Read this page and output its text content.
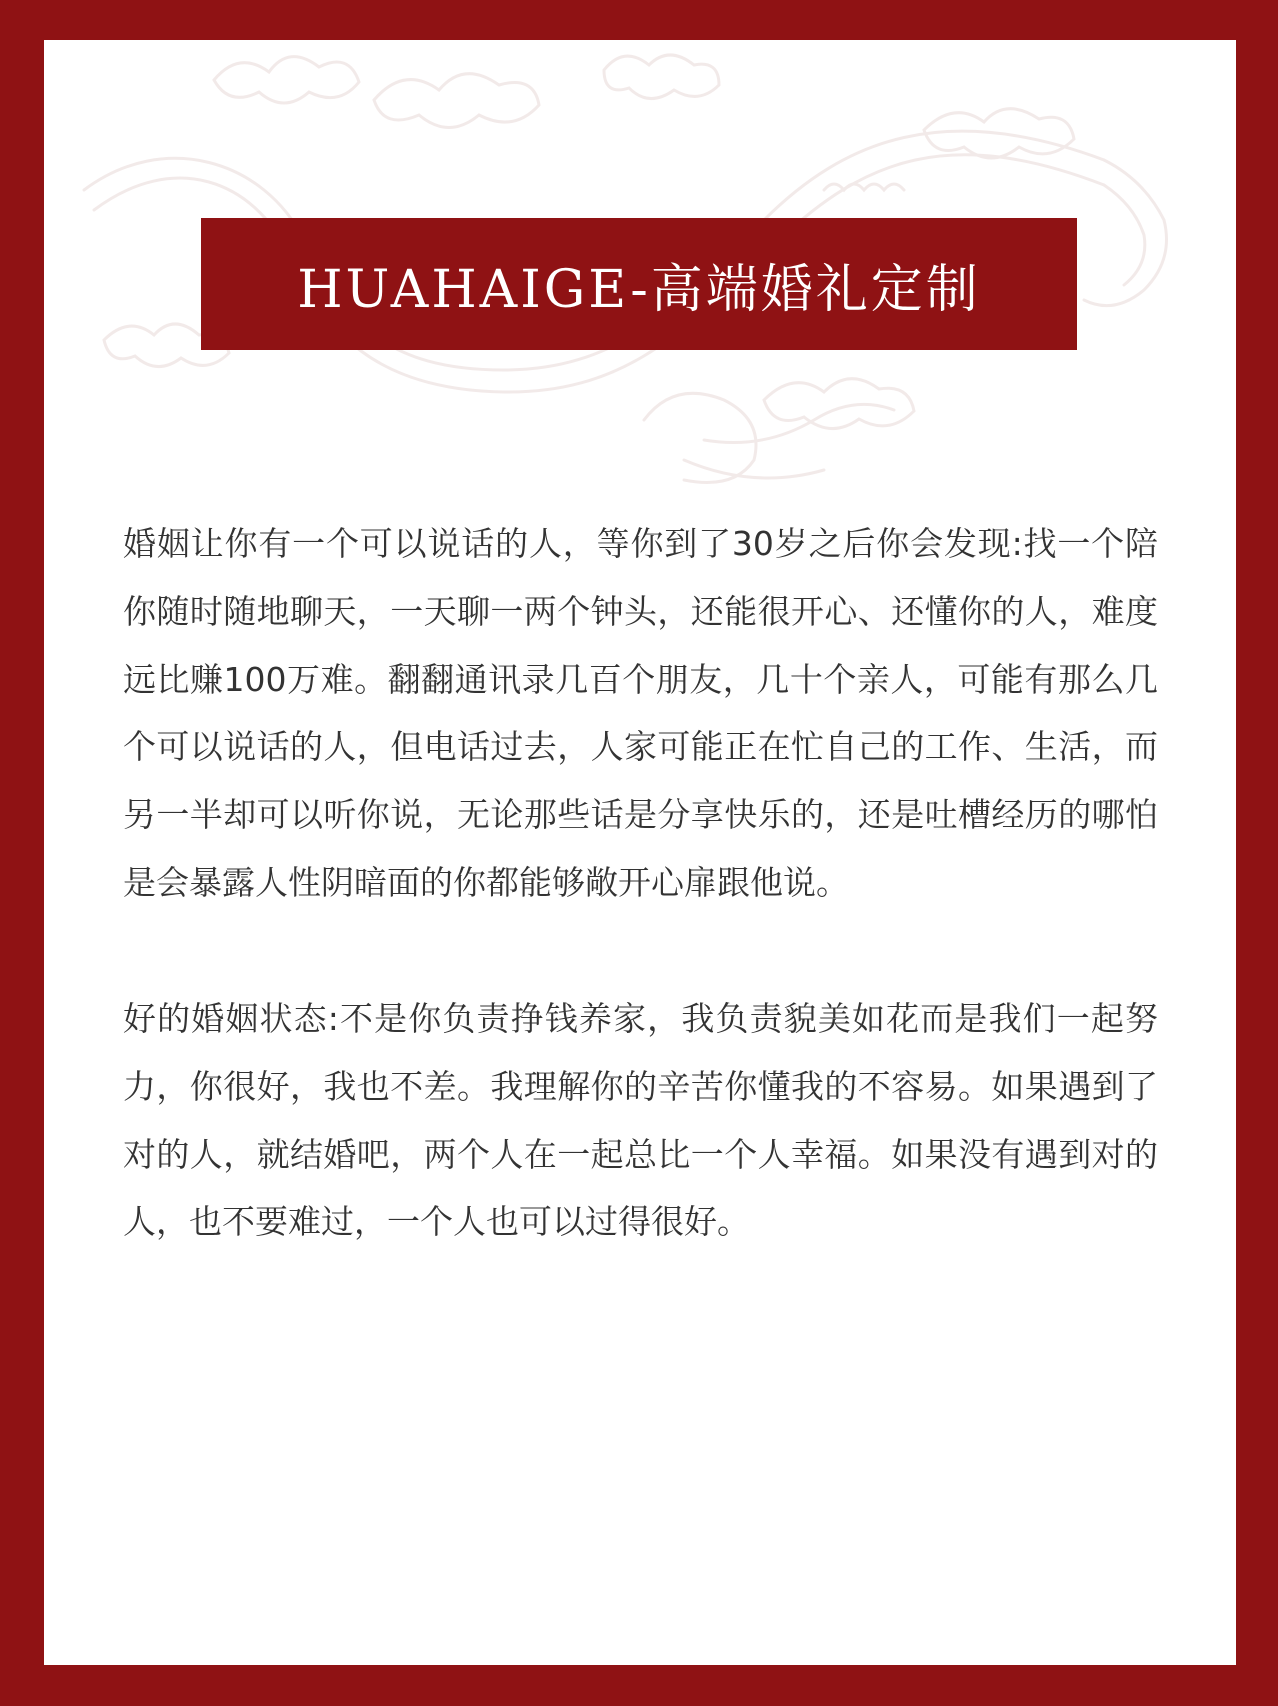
HUAHAIGE-高端婚礼定制

婚姻让你有一个可以说话的人，等你到了30岁之后你会发现:找一个陪你随时随地聊天，一天聊一两个钟头，还能很开心、还懂你的人，难度远比赚100万难。翻翻通讯录几百个朋友，几十个亲人，可能有那么几个可以说话的人，但电话过去，人家可能正在忙自己的工作、生活，而另一半却可以听你说，无论那些话是分享快乐的，还是吐槽经历的哪怕是会暴露人性阴暗面的你都能够敞开心扉跟他说。

好的婚姻状态:不是你负责挣钱养家，我负责貌美如花而是我们一起努力，你很好，我也不差。我理解你的辛苦你懂我的不容易。如果遇到了对的人，就结婚吧，两个人在一起总比一个人幸福。如果没有遇到对的人，也不要难过，一个人也可以过得很好。
